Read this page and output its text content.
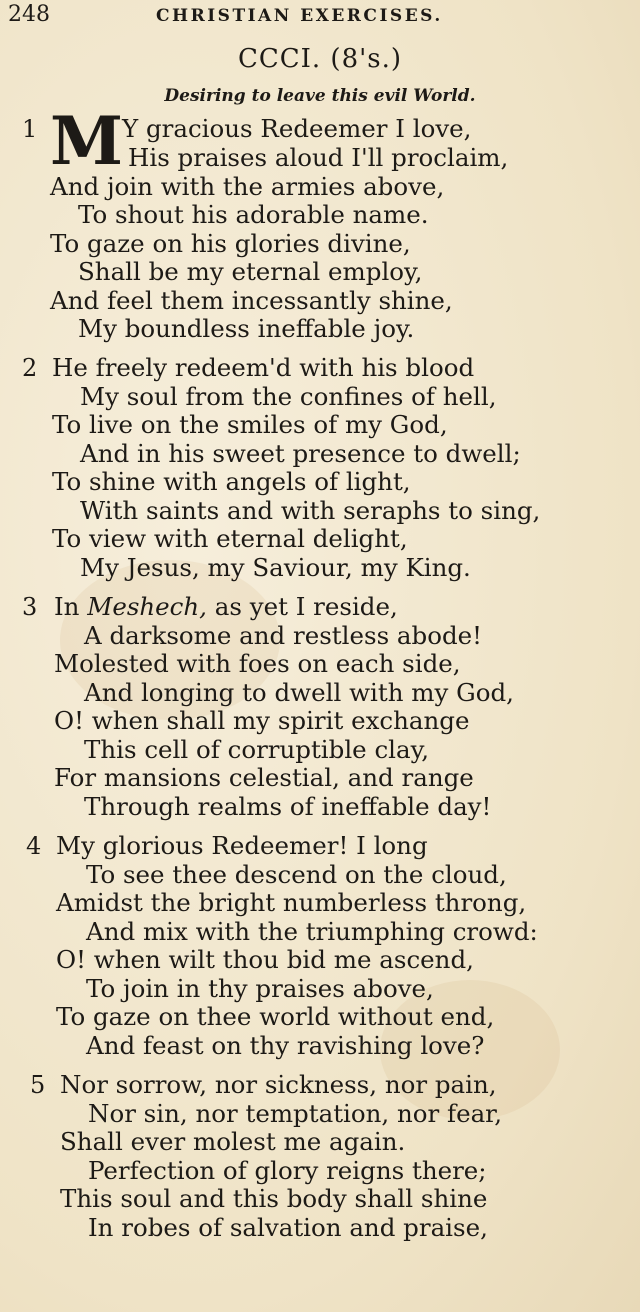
248	CHRISTIAN EXERCISES.
CCCI. (8's.)
Desiring to leave this evil World.
1 M
Y gracious Redeemer I love,
His praises aloud I'll proclaim,
And join with the armies above,
To shout his adorable name.
To gaze on his glories divine,
Shall be my eternal employ,
And feel them incessantly shine,
My boundless ineffable joy.
2 He freely redeem'd with his blood
My soul from the confines of hell,
To live on the smiles of my God,
And in his sweet presence to dwell;
To shine with angels of light,
With saints and with seraphs to sing,
To view with eternal delight,
My Jesus, my Saviour, my King.
3 In Meshech, as yet I reside,
A darksome and restless abode!
Molested with foes on each side,
And longing to dwell with my God,
O! when shall my spirit exchange
This cell of corruptible clay,
For mansions celestial, and range
Through realms of ineffable day!
4 My glorious Redeemer! I long
To see thee descend on the cloud,
Amidst the bright numberless throng,
And mix with the triumphing crowd:
O! when wilt thou bid me ascend,
To join in thy praises above,
To gaze on thee world without end,
And feast on thy ravishing love?
5 Nor sorrow, nor sickness, nor pain,
Nor sin, nor temptation, nor fear,
Shall ever molest me again.
Perfection of glory reigns there;
This soul and this body shall shine
In robes of salvation and praise,
